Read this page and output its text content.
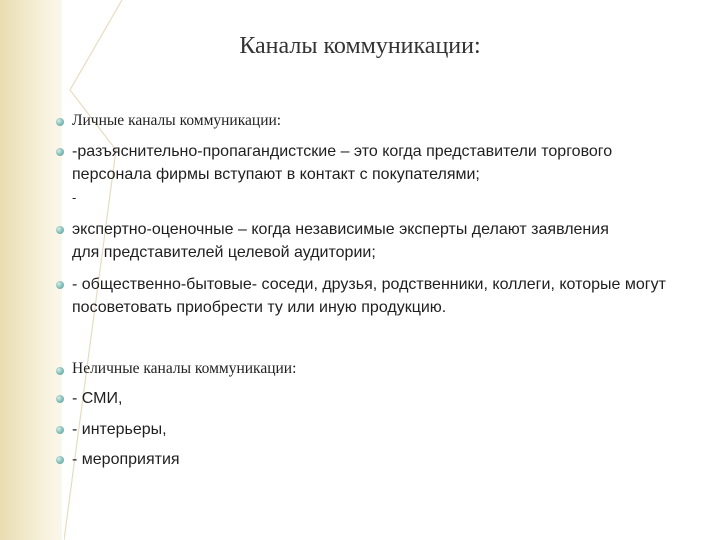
Каналы коммуникации:
Личные каналы коммуникации:
-разъяснительно-пропагандистские – это когда представители торгового персонала фирмы вступают в контакт с покупателями;
-
экспертно-оценочные – когда независимые эксперты делают заявления для представителей целевой аудитории;
- общественно-бытовые- соседи, друзья, родственники, коллеги, которые могут посоветовать приобрести ту или иную продукцию.
Неличные каналы коммуникации:
- СМИ,
- интерьеры,
- мероприятия
